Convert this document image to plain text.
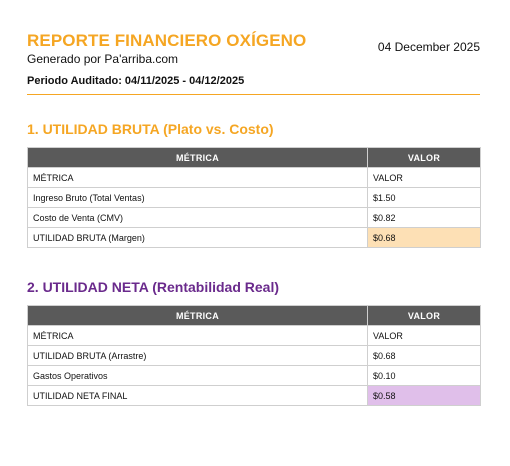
REPORTE FINANCIERO OXÍGENO
Generado por Pa'arriba.com
04 December 2025
Periodo Auditado: 04/11/2025 - 04/12/2025
1. UTILIDAD BRUTA (Plato vs. Costo)
MÉTRICA	VALOR
MÉTRICA	VALOR
Ingreso Bruto (Total Ventas)	$1.50
Costo de Venta (CMV)	$0.82
UTILIDAD BRUTA (Margen)	$0.68
2. UTILIDAD NETA (Rentabilidad Real)
MÉTRICA	VALOR
MÉTRICA	VALOR
UTILIDAD BRUTA (Arrastre)	$0.68
Gastos Operativos	$0.10
UTILIDAD NETA FINAL	$0.58
